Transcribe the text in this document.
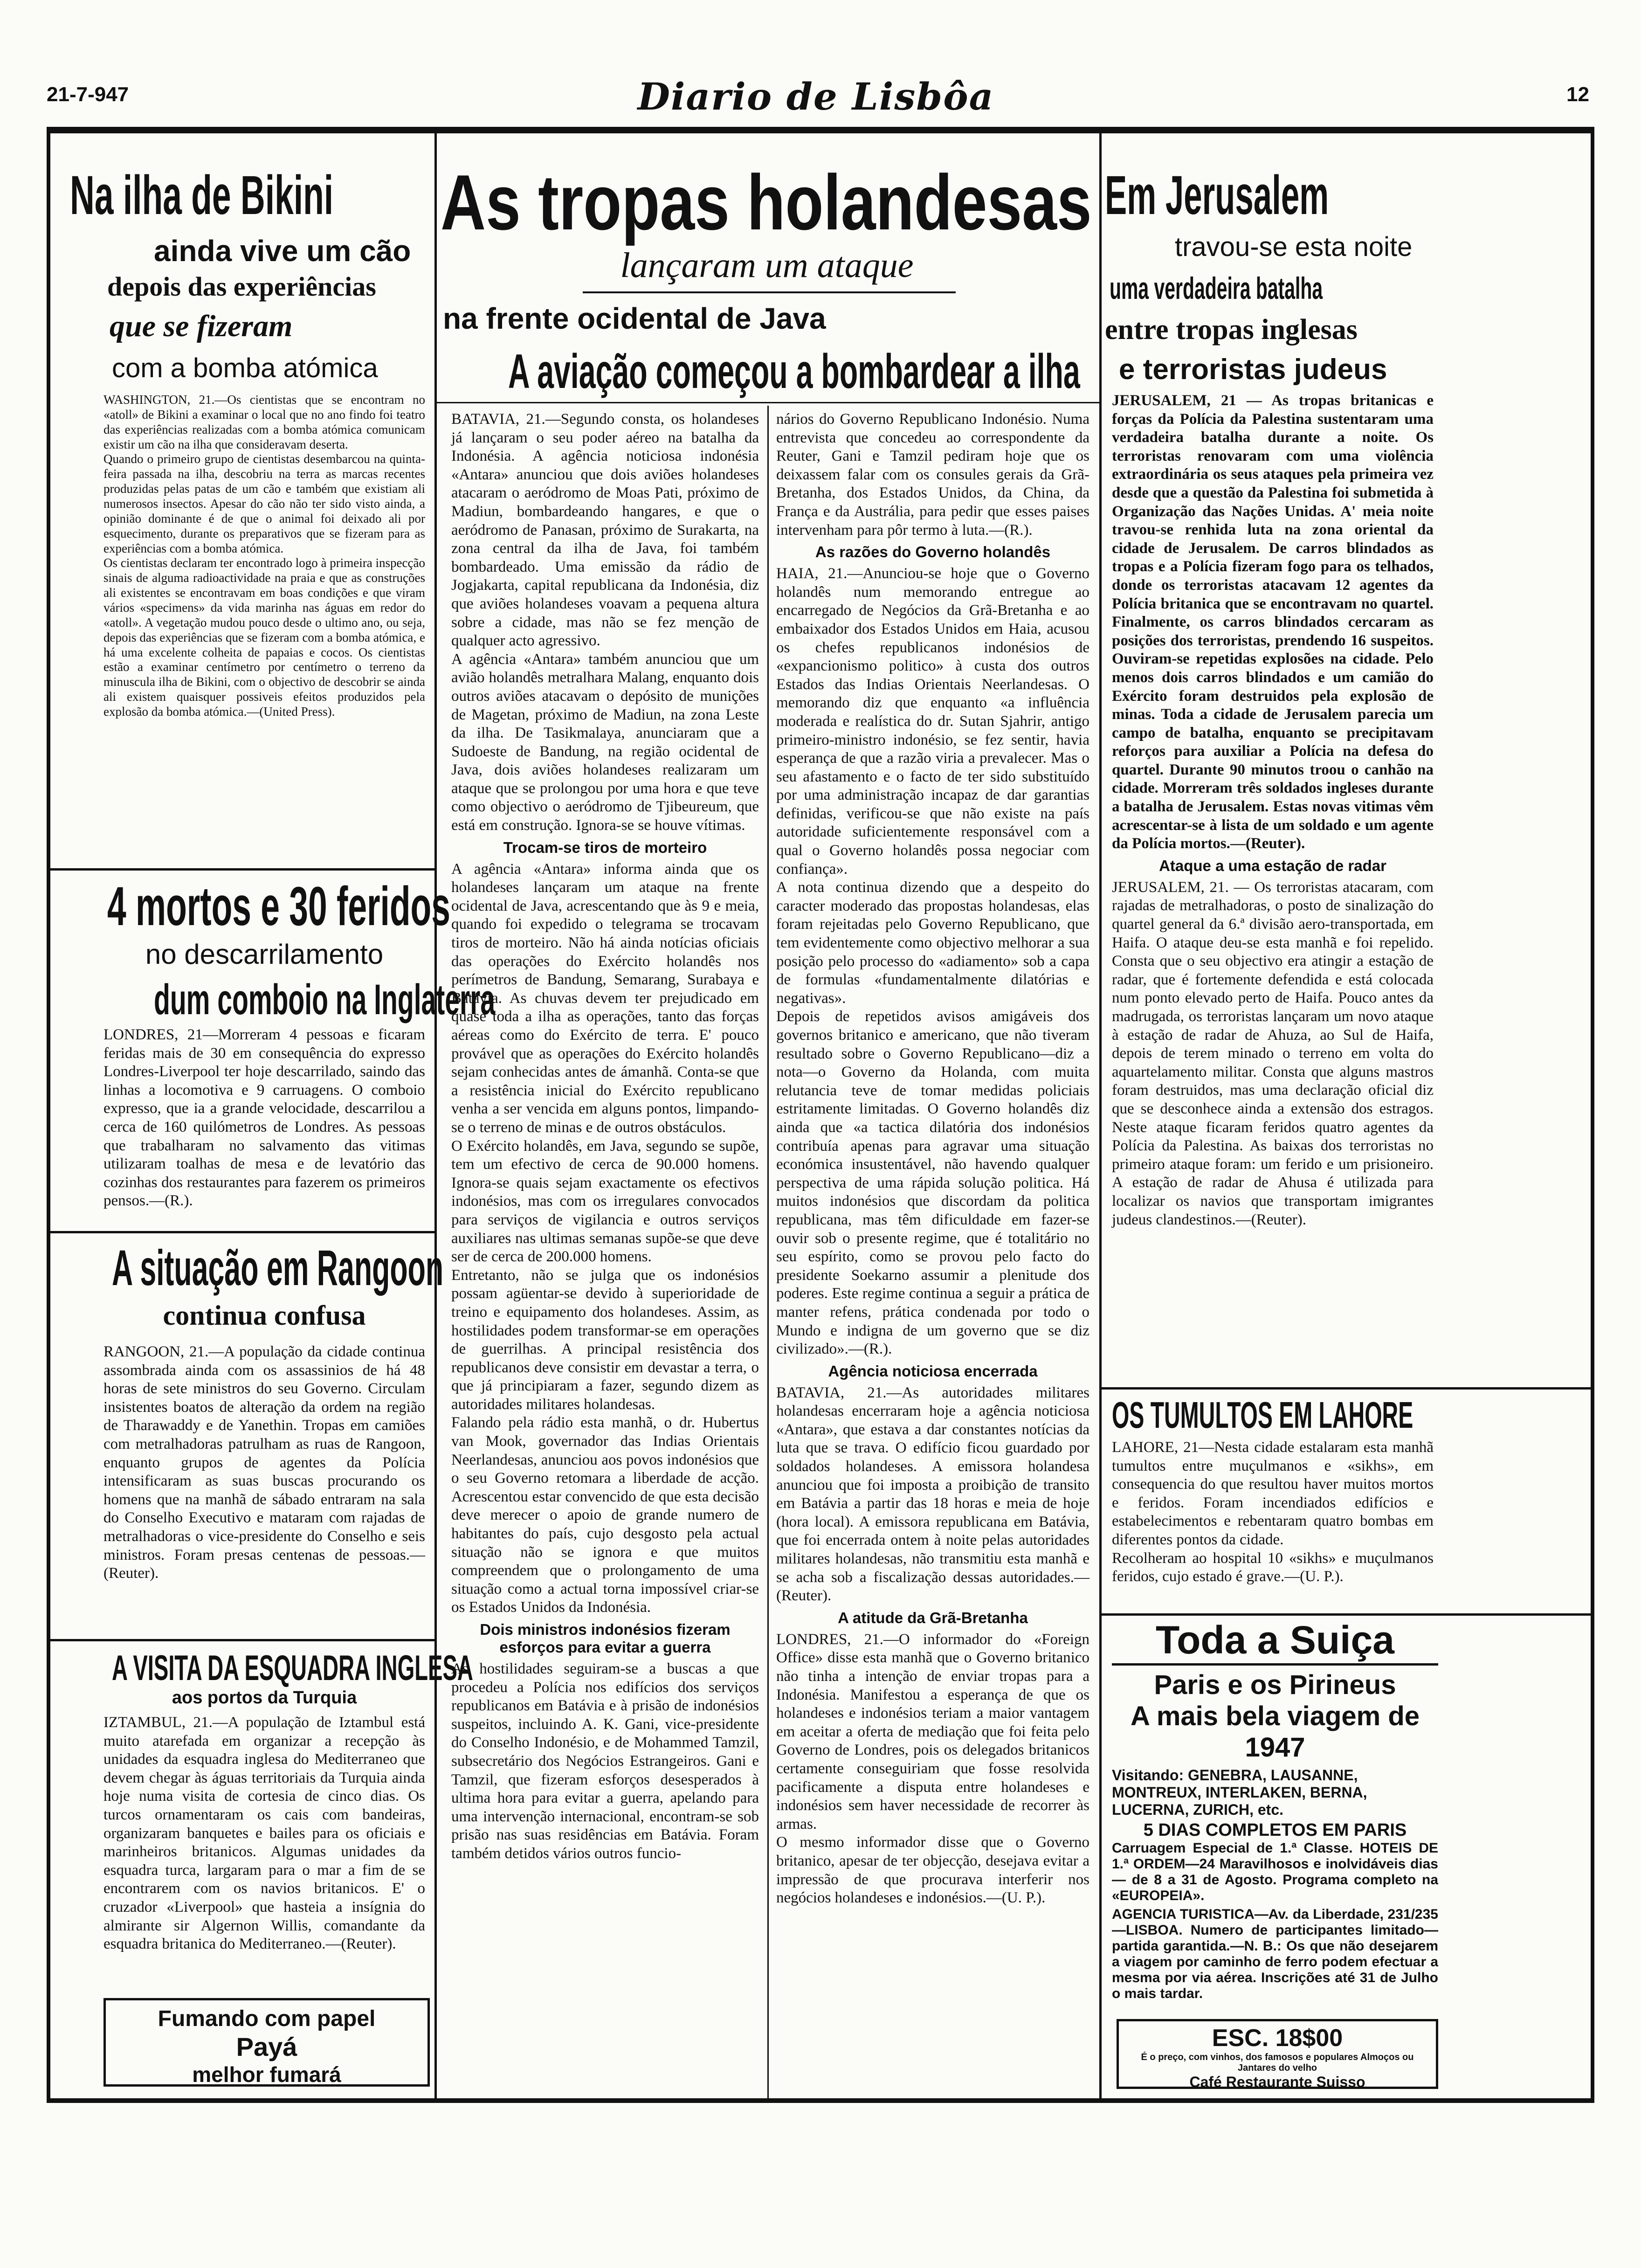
21-7-947	Diario de Lisbôa	12
Na ilha de Bikini
ainda vive um cão
depois das experiências
que se fizeram
com a bomba atómica
WASHINGTON, 21.—Os cientistas que se encontram no «atoll» de Bikini a examinar o local que no ano findo foi teatro das experiências realizadas com a bomba atómica comunicam existir um cão na ilha que consideravam deserta.
Quando o primeiro grupo de cientistas desembarcou na quinta-feira passada na ilha, descobriu na terra as marcas recentes produzidas pelas patas de um cão e também que existiam ali numerosos insectos. Apesar do cão não ter sido visto ainda, a opinião dominante é de que o animal foi deixado ali por esquecimento, durante os preparativos que se fizeram para as experiências com a bomba atómica.
Os cientistas declaram ter encontrado logo à primeira inspecção sinais de alguma radioactividade na praia e que as construções ali existentes se encontravam em boas condições e que viram vários «specimens» da vida marinha nas águas em redor do «atoll». A vegetação mudou pouco desde o ultimo ano, ou seja, depois das experiências que se fizeram com a bomba atómica, e há uma excelente colheita de papaias e cocos. Os cientistas estão a examinar centímetro por centímetro o terreno da minuscula ilha de Bikini, com o objectivo de descobrir se ainda ali existem quaisquer possiveis efeitos produzidos pela explosão da bomba atómica.—(United Press).
4 mortos e 30 feridos
no descarrilamento
dum comboio na Inglaterra
LONDRES, 21—Morreram 4 pessoas e ficaram feridas mais de 30 em consequência do expresso Londres-Liverpool ter hoje descarrilado, saindo das linhas a locomotiva e 9 carruagens. O comboio expresso, que ia a grande velocidade, descarrilou a cerca de 160 quilómetros de Londres. As pessoas que trabalharam no salvamento das vitimas utilizaram toalhas de mesa e de levatório das cozinhas dos restaurantes para fazerem os primeiros pensos.—(R.).
A situação em Rangoon
continua confusa
RANGOON, 21.—A população da cidade continua assombrada ainda com os assassinios de há 48 horas de sete ministros do seu Governo. Circulam insistentes boatos de alteração da ordem na região de Tharawaddy e de Yanethin. Tropas em camiões com metralhadoras patrulham as ruas de Rangoon, enquanto grupos de agentes da Polícia intensificaram as suas buscas procurando os homens que na manhã de sábado entraram na sala do Conselho Executivo e mataram com rajadas de metralhadoras o vice-presidente do Conselho e seis ministros. Foram presas centenas de pessoas.—(Reuter).
A VISITA DA ESQUADRA INGLESA
aos portos da Turquia
IZTAMBUL, 21.—A população de Iztambul está muito atarefada em organizar a recepção às unidades da esquadra inglesa do Mediterraneo que devem chegar às águas territoriais da Turquia ainda hoje numa visita de cortesia de cinco dias. Os turcos ornamentaram os cais com bandeiras, organizaram banquetes e bailes para os oficiais e marinheiros britanicos. Algumas unidades da esquadra turca, largaram para o mar a fim de se encontrarem com os navios britanicos. E' o cruzador «Liverpool» que hasteia a insígnia do almirante sir Algernon Willis, comandante da esquadra britanica do Mediterraneo.—(Reuter).
Fumando com papel
Payá
melhor fumará
As tropas holandesas
lançaram um ataque
na frente ocidental de Java
A aviação começou a bombardear a ilha
BATAVIA, 21.—Segundo consta, os holandeses já lançaram o seu poder aéreo na batalha da Indonésia. A agência noticiosa indonésia «Antara» anunciou que dois aviões holandeses atacaram o aeródromo de Moas Pati, próximo de Madiun, bombardeando hangares, e que o aeródromo de Panasan, próximo de Surakarta, na zona central da ilha de Java, foi também bombardeado. Uma emissão da rádio de Jogjakarta, capital republicana da Indonésia, diz que aviões holandeses voavam a pequena altura sobre a cidade, mas não se fez menção de qualquer acto agressivo.
A agência «Antara» também anunciou que um avião holandês metralhara Malang, enquanto dois outros aviões atacavam o depósito de munições de Magetan, próximo de Madiun, na zona Leste da ilha. De Tasikmalaya, anunciaram que a Sudoeste de Bandung, na região ocidental de Java, dois aviões holandeses realizaram um ataque que se prolongou por uma hora e que teve como objectivo o aeródromo de Tjibeureum, que está em construção. Ignora-se se houve vítimas.
Trocam-se tiros de morteiro
A agência «Antara» informa ainda que os holandeses lançaram um ataque na frente ocidental de Java, acrescentando que às 9 e meia, quando foi expedido o telegrama se trocavam tiros de morteiro. Não há ainda notícias oficiais das operações do Exército holandês nos perímetros de Bandung, Semarang, Surabaya e Batávia. As chuvas devem ter prejudicado em quase toda a ilha as operações, tanto das forças aéreas como do Exército de terra. E' pouco provável que as operações do Exército holandês sejam conhecidas antes de ámanhã. Conta-se que a resistência inicial do Exército republicano venha a ser vencida em alguns pontos, limpando-se o terreno de minas e de outros obstáculos.
O Exército holandês, em Java, segundo se supõe, tem um efectivo de cerca de 90.000 homens. Ignora-se quais sejam exactamente os efectivos indonésios, mas com os irregulares convocados para serviços de vigilancia e outros serviços auxiliares nas ultimas semanas supõe-se que deve ser de cerca de 200.000 homens.
Entretanto, não se julga que os indonésios possam agüentar-se devido à superioridade de treino e equipamento dos holandeses. Assim, as hostilidades podem transformar-se em operações de guerrilhas. A principal resistência dos republicanos deve consistir em devastar a terra, o que já principiaram a fazer, segundo dizem as autoridades militares holandesas.
Falando pela rádio esta manhã, o dr. Hubertus van Mook, governador das Indias Orientais Neerlandesas, anunciou aos povos indonésios que o seu Governo retomara a liberdade de acção. Acrescentou estar convencido de que esta decisão deve merecer o apoio de grande numero de habitantes do país, cujo desgosto pela actual situação não se ignora e que muitos compreendem que o prolongamento de uma situação como a actual torna impossível criar-se os Estados Unidos da Indonésia.
Dois ministros indonésios fizeram esforços para evitar a guerra
As hostilidades seguiram-se a buscas a que procedeu a Polícia nos edifícios dos serviços republicanos em Batávia e à prisão de indonésios suspeitos, incluindo A. K. Gani, vice-presidente do Conselho Indonésio, e de Mohammed Tamzil, subsecretário dos Negócios Estrangeiros. Gani e Tamzil, que fizeram esforços desesperados à ultima hora para evitar a guerra, apelando para uma intervenção internacional, encontram-se sob prisão nas suas residências em Batávia. Foram também detidos vários outros funcio-
nários do Governo Republicano Indonésio. Numa entrevista que concedeu ao correspondente da Reuter, Gani e Tamzil pediram hoje que os deixassem falar com os consules gerais da Grã-Bretanha, dos Estados Unidos, da China, da França e da Austrália, para pedir que esses paises intervenham para pôr termo à luta.—(R.).
As razões do Governo holandês
HAIA, 21.—Anunciou-se hoje que o Governo holandês num memorando entregue ao encarregado de Negócios da Grã-Bretanha e ao embaixador dos Estados Unidos em Haia, acusou os chefes republicanos indonésios de «expancionismo politico» à custa dos outros Estados das Indias Orientais Neerlandesas. O memorando diz que enquanto «a influência moderada e realística do dr. Sutan Sjahrir, antigo primeiro-ministro indonésio, se fez sentir, havia esperança de que a razão viria a prevalecer. Mas o seu afastamento e o facto de ter sido substituído por uma administração incapaz de dar garantias definidas, verificou-se que não existe na país autoridade suficientemente responsável com a qual o Governo holandês possa negociar com confiança».
A nota continua dizendo que a despeito do caracter moderado das propostas holandesas, elas foram rejeitadas pelo Governo Republicano, que tem evidentemente como objectivo melhorar a sua posição pelo processo do «adiamento» sob a capa de formulas «fundamentalmente dilatórias e negativas».
Depois de repetidos avisos amigáveis dos governos britanico e americano, que não tiveram resultado sobre o Governo Republicano—diz a nota—o Governo da Holanda, com muita relutancia teve de tomar medidas policiais estritamente limitadas. O Governo holandês diz ainda que «a tactica dilatória dos indonésios contribuía apenas para agravar uma situação económica insustentável, não havendo qualquer perspectiva de uma rápida solução politica. Há muitos indonésios que discordam da politica republicana, mas têm dificuldade em fazer-se ouvir sob o presente regime, que é totalitário no seu espírito, como se provou pelo facto do presidente Soekarno assumir a plenitude dos poderes. Este regime continua a seguir a prática de manter refens, prática condenada por todo o Mundo e indigna de um governo que se diz civilizado».—(R.).
Agência noticiosa encerrada
BATAVIA, 21.—As autoridades militares holandesas encerraram hoje a agência noticiosa «Antara», que estava a dar constantes notícias da luta que se trava. O edifício ficou guardado por soldados holandeses. A emissora holandesa anunciou que foi imposta a proibição de transito em Batávia a partir das 18 horas e meia de hoje (hora local). A emissora republicana em Batávia, que foi encerrada ontem à noite pelas autoridades militares holandesas, não transmitiu esta manhã e se acha sob a fiscalização dessas autoridades.—(Reuter).
A atitude da Grã-Bretanha
LONDRES, 21.—O informador do «Foreign Office» disse esta manhã que o Governo britanico não tinha a intenção de enviar tropas para a Indonésia. Manifestou a esperança de que os holandeses e indonésios teriam a maior vantagem em aceitar a oferta de mediação que foi feita pelo Governo de Londres, pois os delegados britanicos certamente conseguiriam que fosse resolvida pacificamente a disputa entre holandeses e indonésios sem haver necessidade de recorrer às armas.
O mesmo informador disse que o Governo britanico, apesar de ter objecção, desejava evitar a impressão de que procurava interferir nos negócios holandeses e indonésios.—(U. P.).
Em Jerusalem
travou-se esta noite
uma verdadeira batalha
entre tropas inglesas
e terroristas judeus
JERUSALEM, 21 — As tropas britanicas e forças da Polícia da Palestina sustentaram uma verdadeira batalha durante a noite. Os terroristas renovaram com uma violência extraordinária os seus ataques pela primeira vez desde que a questão da Palestina foi submetida à Organização das Nações Unidas. A' meia noite travou-se renhida luta na zona oriental da cidade de Jerusalem. De carros blindados as tropas e a Polícia fizeram fogo para os telhados, donde os terroristas atacavam 12 agentes da Polícia britanica que se encontravam no quartel. Finalmente, os carros blindados cercaram as posições dos terroristas, prendendo 16 suspeitos. Ouviram-se repetidas explosões na cidade. Pelo menos dois carros blindados e um camião do Exército foram destruidos pela explosão de minas. Toda a cidade de Jerusalem parecia um campo de batalha, enquanto se precipitavam reforços para auxiliar a Polícia na defesa do quartel. Durante 90 minutos troou o canhão na cidade. Morreram três soldados ingleses durante a batalha de Jerusalem. Estas novas vitimas vêm acrescentar-se à lista de um soldado e um agente da Polícia mortos.—(Reuter).
Ataque a uma estação de radar
JERUSALEM, 21. — Os terroristas atacaram, com rajadas de metralhadoras, o posto de sinalização do quartel general da 6.ª divisão aero-transportada, em Haifa. O ataque deu-se esta manhã e foi repelido. Consta que o seu objectivo era atingir a estação de radar, que é fortemente defendida e está colocada num ponto elevado perto de Haifa. Pouco antes da madrugada, os terroristas lançaram um novo ataque à estação de radar de Ahuza, ao Sul de Haifa, depois de terem minado o terreno em volta do aquartelamento militar. Consta que alguns mastros foram destruidos, mas uma declaração oficial diz que se desconhece ainda a extensão dos estragos. Neste ataque ficaram feridos quatro agentes da Polícia da Palestina. As baixas dos terroristas no primeiro ataque foram: um ferido e um prisioneiro. A estação de radar de Ahusa é utilizada para localizar os navios que transportam imigrantes judeus clandestinos.—(Reuter).
OS TUMULTOS EM LAHORE
LAHORE, 21—Nesta cidade estalaram esta manhã tumultos entre muçulmanos e «sikhs», em consequencia do que resultou haver muitos mortos e feridos. Foram incendiados edifícios e estabelecimentos e rebentaram quatro bombas em diferentes pontos da cidade.
Recolheram ao hospital 10 «sikhs» e muçulmanos feridos, cujo estado é grave.—(U. P.).
Toda a Suiça
Paris e os Pirineus
A mais bela viagem de 1947
Visitando: GENEBRA, LAUSANNE, MONTREUX, INTERLAKEN, BERNA, LUCERNA, ZURICH, etc.
5 DIAS COMPLETOS EM PARIS
Carruagem Especial de 1.ª Classe. HOTEIS DE 1.ª ORDEM—24 Maravilhosos e inolvidáveis dias— de 8 a 31 de Agosto. Programa completo na «EUROPEIA».
AGENCIA TURISTICA—Av. da Liberdade, 231/235—LISBOA. Numero de participantes limitado—partida garantida.—N. B.: Os que não desejarem a viagem por caminho de ferro podem efectuar a mesma por via aérea. Inscrições até 31 de Julho o mais tardar.
ESC. 18$00
É o preço, com vinhos, dos famosos e populares Almoços ou Jantares do velho
Café Restaurante Suisso
